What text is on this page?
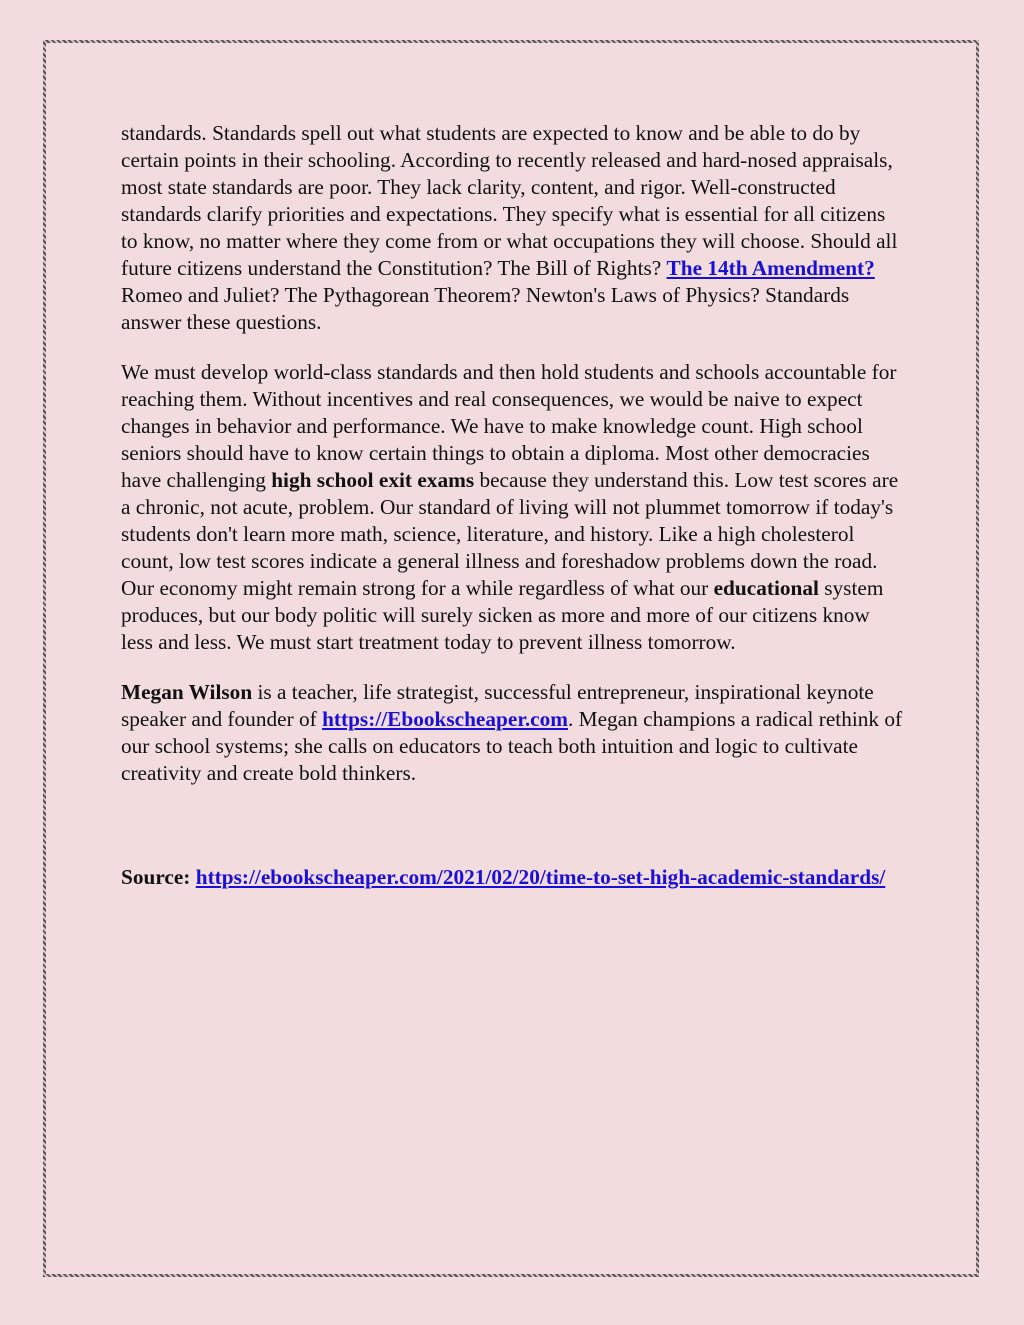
standards. Standards spell out what students are expected to know and be able to do by certain points in their schooling. According to recently released and hard-nosed appraisals, most state standards are poor. They lack clarity, content, and rigor. Well-constructed standards clarify priorities and expectations. They specify what is essential for all citizens to know, no matter where they come from or what occupations they will choose. Should all future citizens understand the Constitution? The Bill of Rights? The 14th Amendment? Romeo and Juliet? The Pythagorean Theorem? Newton's Laws of Physics? Standards answer these questions.

We must develop world-class standards and then hold students and schools accountable for reaching them. Without incentives and real consequences, we would be naive to expect changes in behavior and performance. We have to make knowledge count. High school seniors should have to know certain things to obtain a diploma. Most other democracies have challenging high school exit exams because they understand this. Low test scores are a chronic, not acute, problem. Our standard of living will not plummet tomorrow if today's students don't learn more math, science, literature, and history. Like a high cholesterol count, low test scores indicate a general illness and foreshadow problems down the road. Our economy might remain strong for a while regardless of what our educational system produces, but our body politic will surely sicken as more and more of our citizens know less and less. We must start treatment today to prevent illness tomorrow.

Megan Wilson is a teacher, life strategist, successful entrepreneur, inspirational keynote speaker and founder of https://Ebookscheaper.com. Megan champions a radical rethink of our school systems; she calls on educators to teach both intuition and logic to cultivate creativity and create bold thinkers.

Source: https://ebookscheaper.com/2021/02/20/time-to-set-high-academic-standards/
